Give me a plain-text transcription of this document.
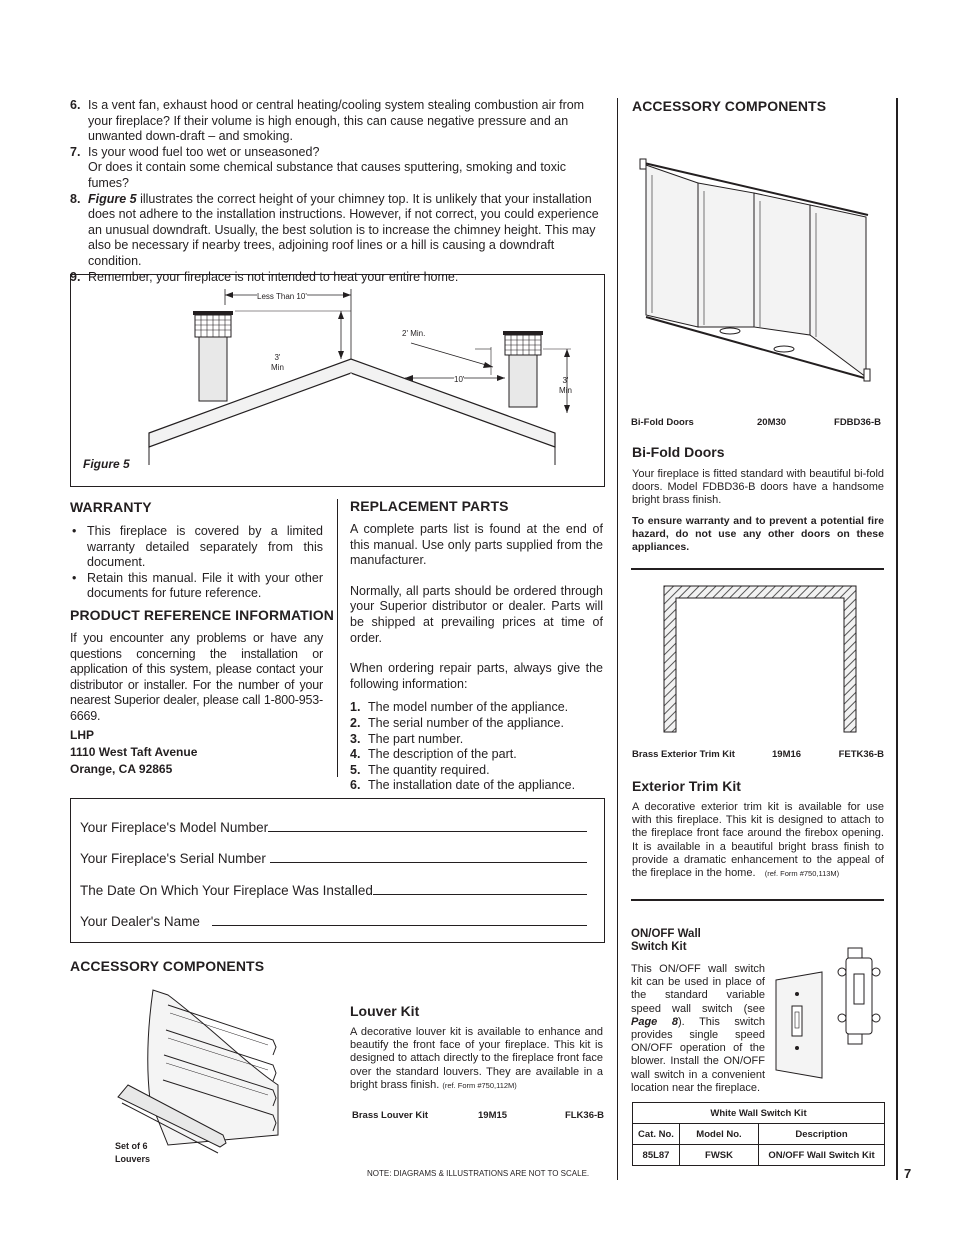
6. Is a vent fan, exhaust hood or central heating/cooling system stealing combustion air from your fireplace? If their volume is high enough, this can cause negative pressure and an unwanted down-draft – and smoking.
7. Is your wood fuel too wet or unseasoned?
Or does it contain some chemical substance that causes sputtering, smoking and toxic fumes?
8. Figure 5 illustrates the correct height of your chimney top. It is unlikely that your installation does not adhere to the installation instructions. However, if not correct, you could experience an unusual downdraft. Usually, the best solution is to increase the chimney height. This may also be necessary if nearby trees, adjoining roof lines or a hill is causing a downdraft condition.
9. Remember, your fireplace is not intended to heat your entire home.
Less Than 10'
3'
Min
2' Min.
10'	3'
Min
Figure 5
WARRANTY
• This fireplace is covered by a limited warranty detailed separately from this document.
• Retain this manual. File it with your other documents for future reference.
PRODUCT REFERENCE INFORMATION
If you encounter any problems or have any questions concerning the installation or application of this system, please contact your distributor or installer. For the number of your nearest Superior dealer, please call 1-800-953-6669.
LHP
1110 West Taft Avenue
Orange, CA 92865
REPLACEMENT PARTS
A complete parts list is found at the end of this manual. Use only parts supplied from the manufacturer.
Normally, all parts should be ordered through your Superior distributor or dealer. Parts will be shipped at prevailing prices at time of order.
When ordering repair parts, always give the following information:
1. The model number of the appliance.
2. The serial number of the appliance.
3. The part number.
4. The description of the part.
5. The quantity required.
6. The installation date of the appliance.
Your Fireplace's Model Number
Your Fireplace's Serial Number
The Date On Which Your Fireplace Was Installed
Your Dealer's Name
ACCESSORY COMPONENTS
Set of 6
Louvers
Louver Kit
A decorative louver kit is available to enhance and beautify the front face of your fireplace. This kit is designed to attach directly to the fireplace front face over the standard louvers. They are available in a bright brass finish. (ref. Form #750,112M)
Brass Louver Kit	19M15	FLK36-B
NOTE: DIAGRAMS & ILLUSTRATIONS ARE NOT TO SCALE.
ACCESSORY COMPONENTS
Bi-Fold Doors	20M30	FDBD36-B
Bi-Fold Doors
Your fireplace is fitted standard with beautiful bi-fold doors. Model FDBD36-B doors have a handsome bright brass finish.
To ensure warranty and to prevent a potential fire hazard, do not use any other doors on these appliances.
Brass Exterior Trim Kit	19M16	FETK36-B
Exterior Trim Kit
A decorative exterior trim kit is available for use with this fireplace. This kit is designed to attach to the fireplace front face around the firebox opening. It is available in a beautiful bright brass finish to provide a dramatic enhancement to the appeal of the fireplace in the home. (ref. Form #750,113M)
ON/OFF Wall
Switch Kit
This ON/OFF wall switch kit can be used in place of the standard variable speed wall switch (see Page 8). This switch provides single speed ON/OFF operation of the blower. Install the ON/OFF wall switch in a convenient location near the fireplace.
White Wall Switch Kit		
Cat. No.	Model No.	Description
85L87	FWSK	ON/OFF Wall Switch Kit
7
